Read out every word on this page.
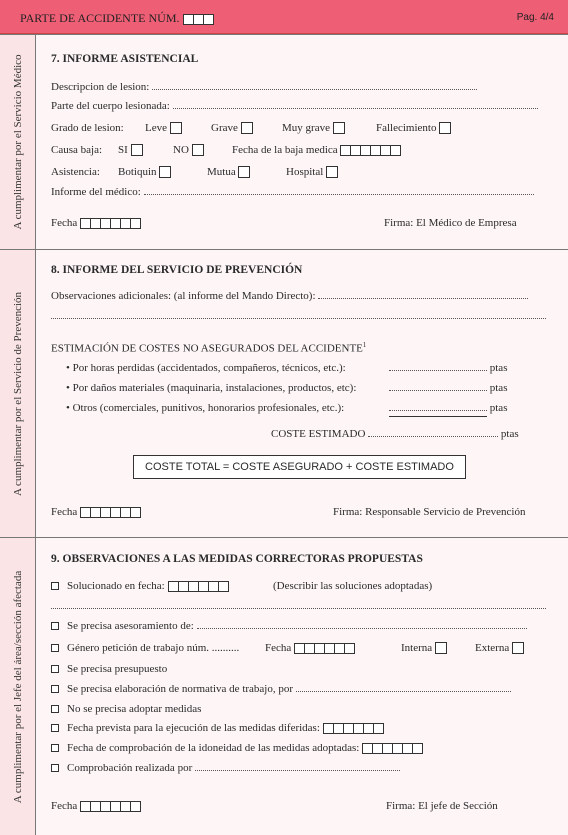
PARTE DE ACCIDENTE NÚM.	Pag. 4/4
A cumplimentar por el Servicio Médico 7. INFORME ASISTENCIAL
Descripcion de lesion:
Parte del cuerpo lesionada:
Grado de lesion: Leve	Grave	Muy grave	Fallecimiento
Causa baja: SI	NO	Fecha de la baja medica
Asistencia: Botiquin	Mutua	Hospital
Informe del médico:
Fecha	Firma: El Médico de Empresa
A cumplimentar por el Servicio de Prevención
8. INFORME DEL SERVICIO DE PREVENCIÓN
Observaciones adicionales: (al informe del Mando Directo):
ESTIMACIÓN DE COSTES NO ASEGURADOS DEL ACCIDENTE$^1$
• Por horas perdidas (accidentados, compañeros, técnicos, etc.):	ptas
• Por daños materiales (maquinaria, instalaciones, productos, etc):	ptas
• Otros (comerciales, punitivos, honorarios profesionales, etc.):	ptas
COSTE ESTIMADO	ptas
COSTE TOTAL = COSTE ASEGURADO + COSTE ESTIMADO
Fecha	Firma: Responsable Servicio de Prevención
A cumplimentar por el Jefe del área/sección afectada
9. OBSERVACIONES A LAS MEDIDAS CORRECTORAS PROPUESTAS
Solucionado en fecha:	(Describir las soluciones adoptadas)
Se precisa asesoramiento de:
Género petición de trabajo núm. .......... Fecha	Interna	Externa
Se precisa presupuesto
Se precisa elaboración de normativa de trabajo, por
No se precisa adoptar medidas
Fecha prevista para la ejecución de las medidas diferidas:
Fecha de comprobación de la idoneidad de las medidas adoptadas:
Comprobación realizada por
Fecha	Firma: El jefe de Sección
